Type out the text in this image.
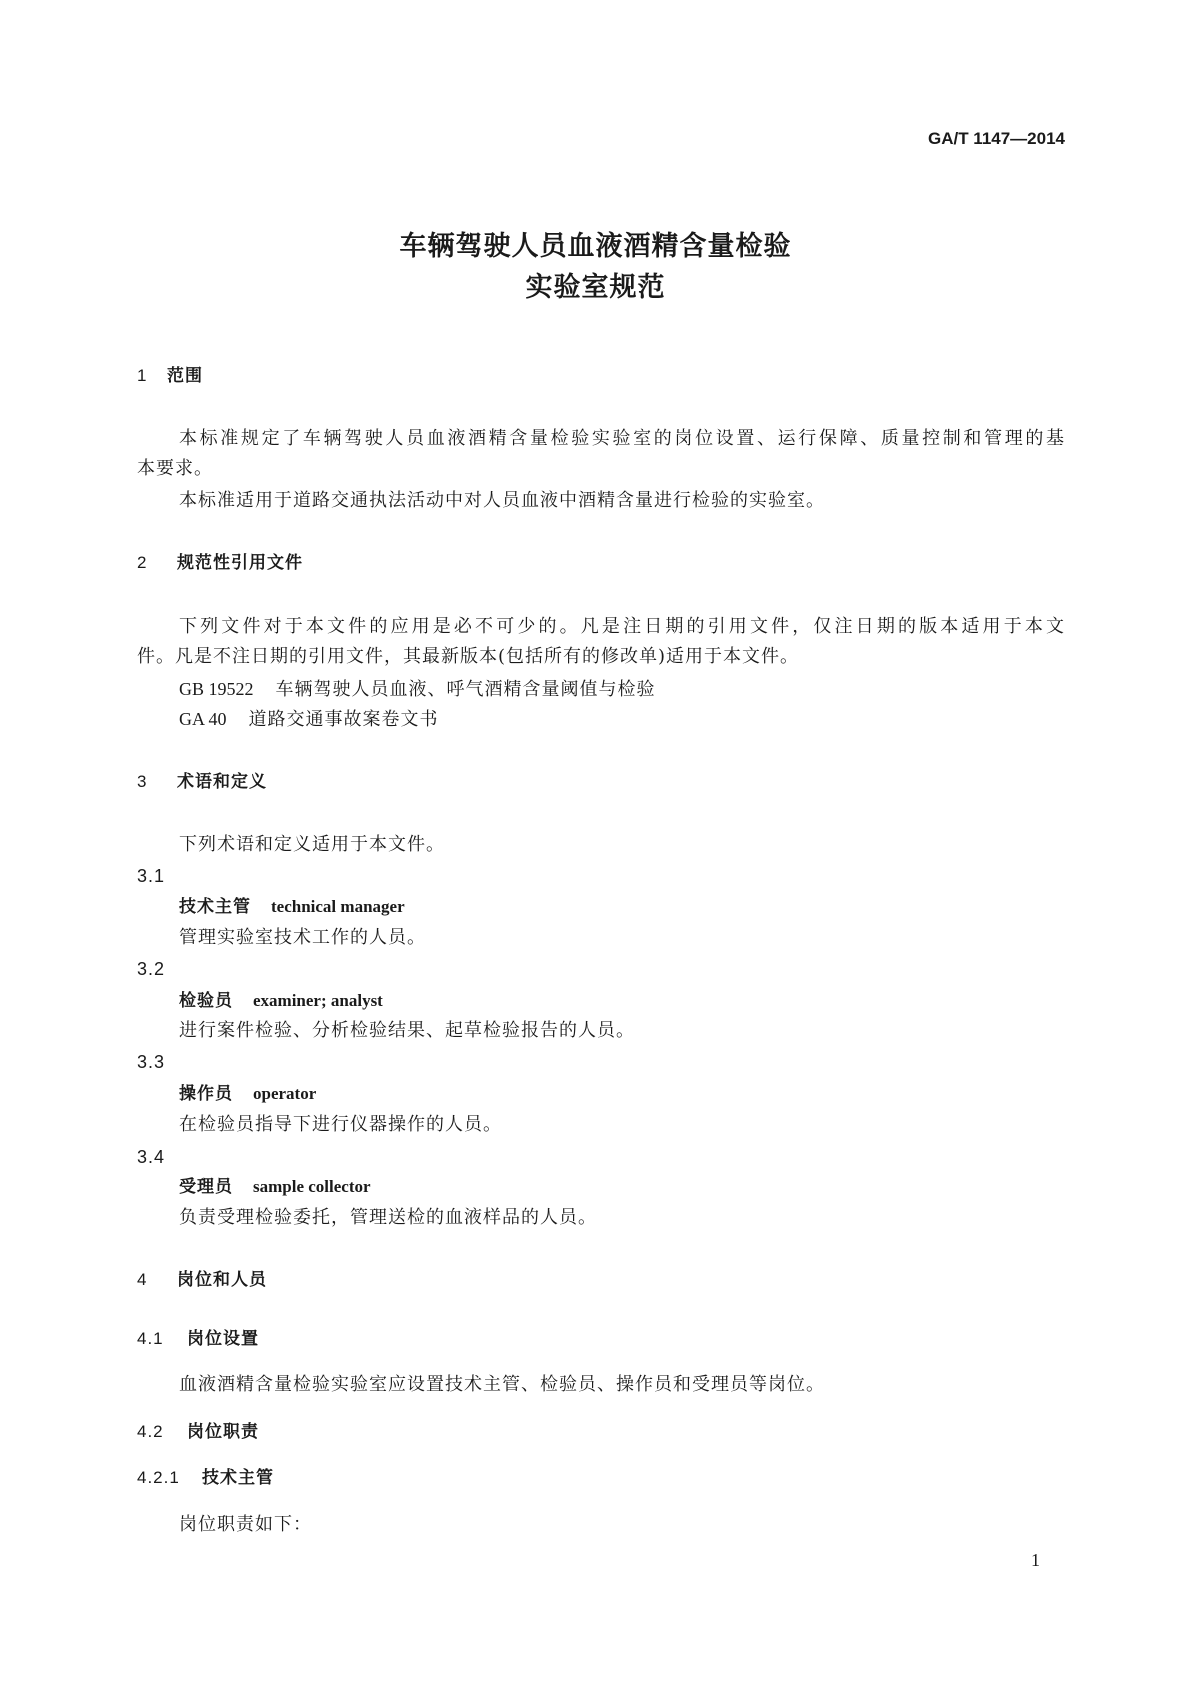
GA/T 1147—2014
车辆驾驶人员血液酒精含量检验
实验室规范
1 范围
本标准规定了车辆驾驶人员血液酒精含量检验实验室的岗位设置、运行保障、质量控制和管理的基
本要求。
本标准适用于道路交通执法活动中对人员血液中酒精含量进行检验的实验室。
2 规范性引用文件
下列文件对于本文件的应用是必不可少的。凡是注日期的引用文件，仅注日期的版本适用于本文
件。凡是不注日期的引用文件，其最新版本(包括所有的修改单)适用于本文件。
GB 19522 车辆驾驶人员血液、呼气酒精含量阈值与检验
GA 40 道路交通事故案卷文书
3 术语和定义
下列术语和定义适用于本文件。
3.1
技术主管 technical manager
管理实验室技术工作的人员。
3.2
检验员 examiner; analyst
进行案件检验、分析检验结果、起草检验报告的人员。
3.3
操作员 operator
在检验员指导下进行仪器操作的人员。
3.4
受理员 sample collector
负责受理检验委托，管理送检的血液样品的人员。
4 岗位和人员
4.1 岗位设置
血液酒精含量检验实验室应设置技术主管、检验员、操作员和受理员等岗位。
4.2 岗位职责
4.2.1 技术主管
岗位职责如下：
1
